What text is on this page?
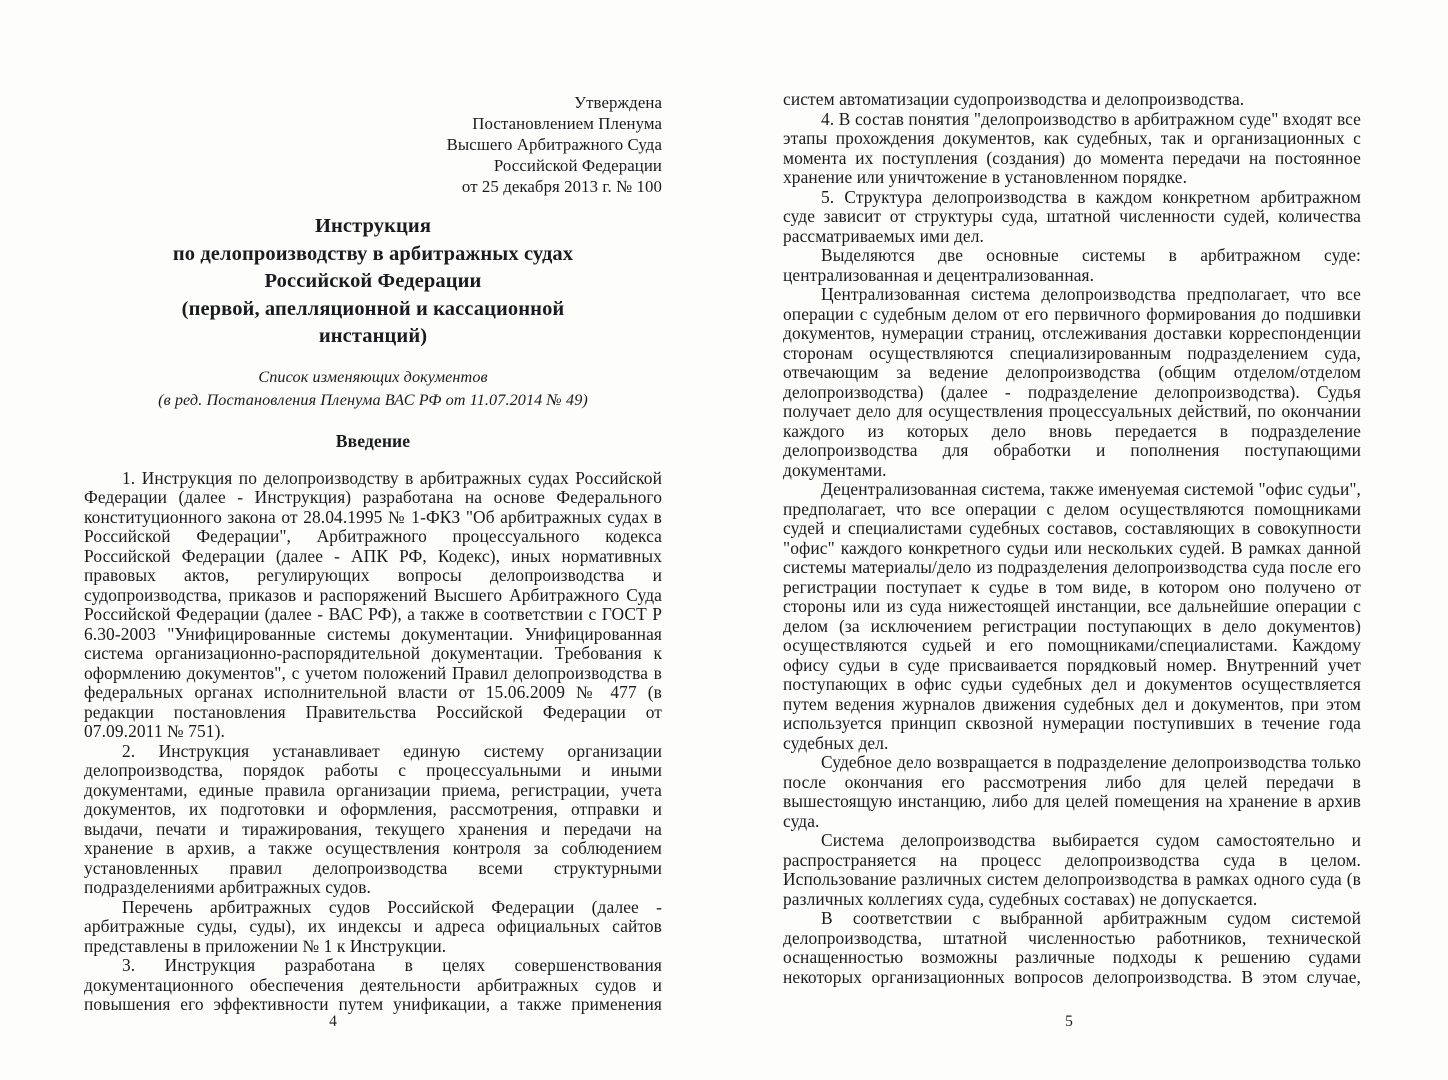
Утверждена
Постановлением Пленума
Высшего Арбитражного Суда
Российской Федерации
от 25 декабря 2013 г. № 100
Инструкция
по делопроизводству в арбитражных судах
Российской Федерации
(первой, апелляционной и кассационной
инстанций)
Список изменяющих документов
(в ред. Постановления Пленума ВАС РФ от 11.07.2014 № 49)
Введение
1. Инструкция по делопроизводству в арбитражных судах Российской Федерации (далее - Инструкция) разработана на основе Федерального конституционного закона от 28.04.1995 № 1-ФКЗ "Об арбитражных судах в Российской Федерации", Арбитражного процессуального кодекса Российской Федерации (далее - АПК РФ, Кодекс), иных нормативных правовых актов, регулирующих вопросы делопроизводства и судопроизводства, приказов и распоряжений Высшего Арбитражного Суда Российской Федерации (далее - ВАС РФ), а также в соответствии с ГОСТ Р 6.30-2003 "Унифицированные системы документации. Унифицированная система организационно-распорядительной документации. Требования к оформлению документов", с учетом положений Правил делопроизводства в федеральных органах исполнительной власти от 15.06.2009 № 477 (в редакции постановления Правительства Российской Федерации от 07.09.2011 № 751).
2. Инструкция устанавливает единую систему организации делопроизводства, порядок работы с процессуальными и иными документами, единые правила организации приема, регистрации, учета документов, их подготовки и оформления, рассмотрения, отправки и выдачи, печати и тиражирования, текущего хранения и передачи на хранение в архив, а также осуществления контроля за соблюдением установленных правил делопроизводства всеми структурными подразделениями арбитражных судов.
Перечень арбитражных судов Российской Федерации (далее - арбитражные суды, суды), их индексы и адреса официальных сайтов представлены в приложении № 1 к Инструкции.
3. Инструкция разработана в целях совершенствования документационного обеспечения деятельности арбитражных судов и повышения его эффективности путем унификации, а также применения
систем автоматизации судопроизводства и делопроизводства.
4. В состав понятия "делопроизводство в арбитражном суде" входят все этапы прохождения документов, как судебных, так и организационных с момента их поступления (создания) до момента передачи на постоянное хранение или уничтожение в установленном порядке.
5. Структура делопроизводства в каждом конкретном арбитражном суде зависит от структуры суда, штатной численности судей, количества рассматриваемых ими дел.
Выделяются две основные системы в арбитражном суде: централизованная и децентрализованная.
Централизованная система делопроизводства предполагает, что все операции с судебным делом от его первичного формирования до подшивки документов, нумерации страниц, отслеживания доставки корреспонденции сторонам осуществляются специализированным подразделением суда, отвечающим за ведение делопроизводства (общим отделом/отделом делопроизводства) (далее - подразделение делопроизводства). Судья получает дело для осуществления процессуальных действий, по окончании каждого из которых дело вновь передается в подразделение делопроизводства для обработки и пополнения поступающими документами.
Децентрализованная система, также именуемая системой "офис судьи", предполагает, что все операции с делом осуществляются помощниками судей и специалистами судебных составов, составляющих в совокупности "офис" каждого конкретного судьи или нескольких судей. В рамках данной системы материалы/дело из подразделения делопроизводства суда после его регистрации поступает к судье в том виде, в котором оно получено от стороны или из суда нижестоящей инстанции, все дальнейшие операции с делом (за исключением регистрации поступающих в дело документов) осуществляются судьей и его помощниками/специалистами. Каждому офису судьи в суде присваивается порядковый номер. Внутренний учет поступающих в офис судьи судебных дел и документов осуществляется путем ведения журналов движения судебных дел и документов, при этом используется принцип сквозной нумерации поступивших в течение года судебных дел.
Судебное дело возвращается в подразделение делопроизводства только после окончания его рассмотрения либо для целей передачи в вышестоящую инстанцию, либо для целей помещения на хранение в архив суда.
Система делопроизводства выбирается судом самостоятельно и распространяется на процесс делопроизводства суда в целом. Использование различных систем делопроизводства в рамках одного суда (в различных коллегиях суда, судебных составах) не допускается.
В соответствии с выбранной арбитражным судом системой делопроизводства, штатной численностью работников, технической оснащенностью возможны различные подходы к решению судами некоторых организационных вопросов делопроизводства. В этом случае,
4	5
